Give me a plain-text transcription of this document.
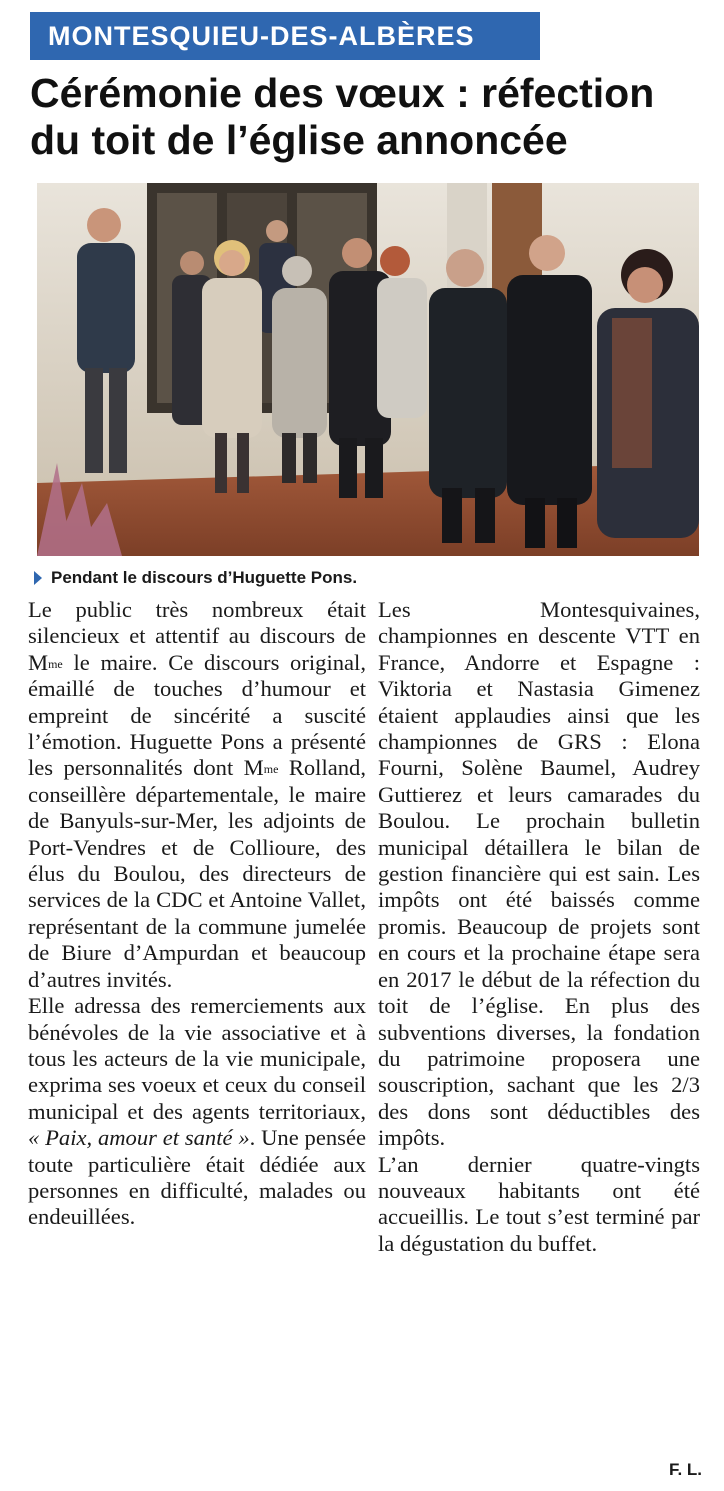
MONTESQUIEU-DES-ALBÈRES
Cérémonie des vœux : réfection du toit de l’église annoncée
Pendant le discours d’Huguette Pons.

Le public très nombreux était silencieux et attentif au discours de $M^{me}$ le maire. Ce discours original, émaillé de touches d’humour et empreint de sincérité a suscité l’émotion. Huguette Pons a présenté les personnalités dont $M^{me}$ Rolland, conseillère départementale, le maire de Banyuls-sur-Mer, les adjoints de Port-Vendres et de Collioure, des élus du Boulou, des directeurs de services de la CDC et Antoine Vallet, représentant de la commune jumelée de Biure d’Ampurdan et beaucoup d’autres invités.

Elle adressa des remerciements aux bénévoles de la vie associative et à tous les acteurs de la vie municipale, exprima ses voeux et ceux du conseil municipal et des agents territoriaux, « Paix, amour et santé ». Une pensée toute particulière était dédiée aux personnes en difficulté, malades ou endeuillées.

Les Montesquivaines, championnes en descente VTT en France, Andorre et Espagne : Viktoria et Nastasia Gimenez étaient applaudies ainsi que les championnes de GRS : Elona Fourni, Solène Baumel, Audrey Guttierez et leurs camarades du Boulou. Le prochain bulletin municipal détaillera le bilan de gestion financière qui est sain. Les impôts ont été baissés comme promis. Beaucoup de projets sont en cours et la prochaine étape sera en 2017 le début de la réfection du toit de l’église. En plus des subventions diverses, la fondation du patrimoine proposera une souscription, sachant que les 2/3 des dons sont déductibles des impôts.

L’an dernier quatre-vingts nouveaux habitants ont été accueillis. Le tout s’est terminé par la dégustation du buffet.

F. L.
